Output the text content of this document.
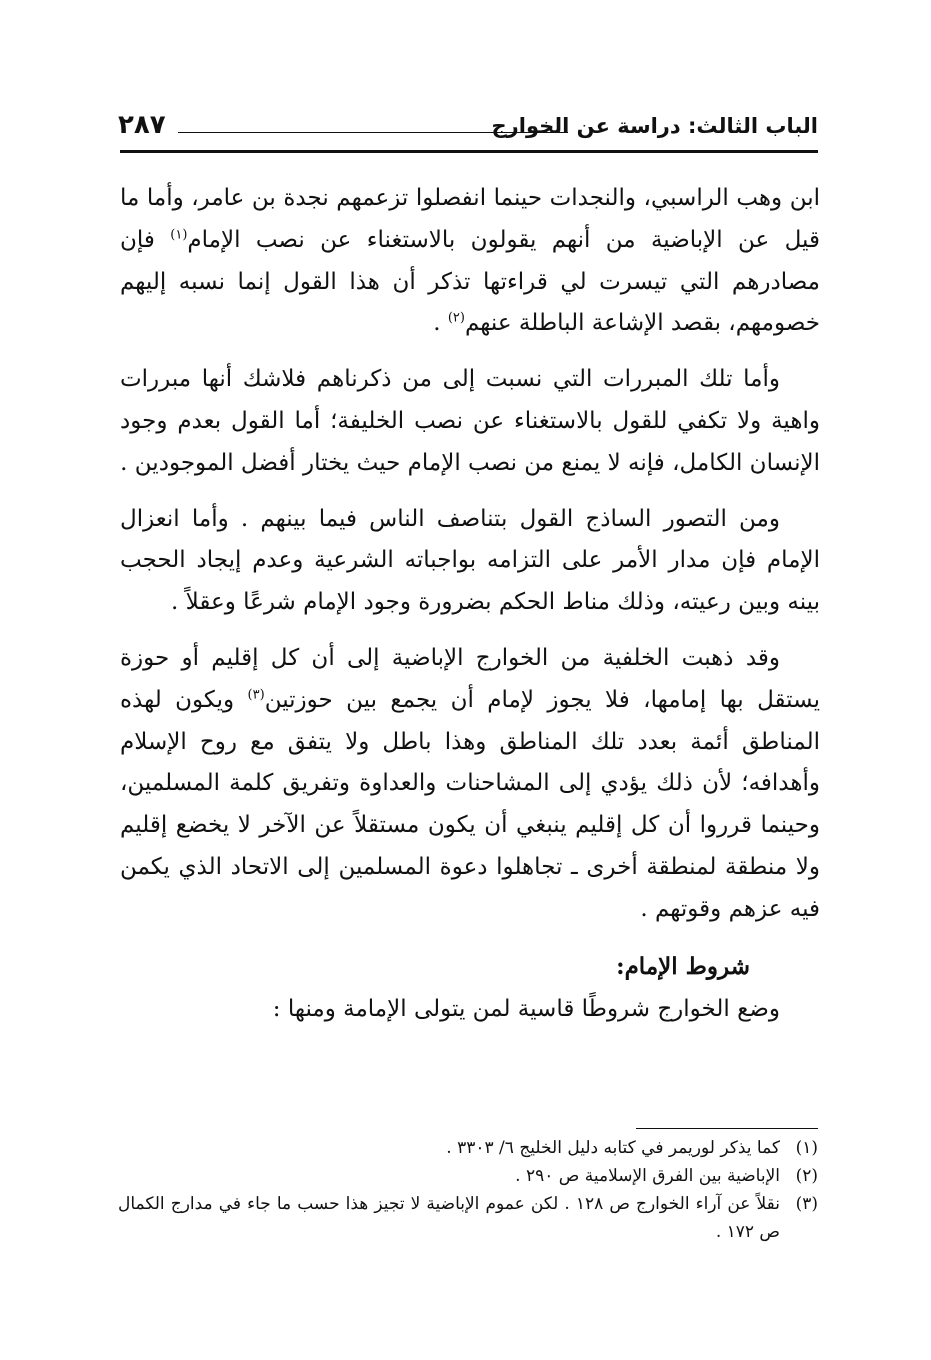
الباب الثالث: دراسة عن الخوارج
٢٨٧

ابن وهب الراسبي، والنجدات حينما انفصلوا تزعمهم نجدة بن عامر، وأما ما قيل عن الإباضية من أنهم يقولون بالاستغناء عن نصب الإمام$^{(١)}$ فإن مصادرهم التي تيسرت لي قراءتها تذكر أن هذا القول إنما نسبه إليهم خصومهم، بقصد الإشاعة الباطلة عنهم$^{(٢)}$ .

وأما تلك المبررات التي نسبت إلى من ذكرناهم فلاشك أنها مبررات واهية ولا تكفي للقول بالاستغناء عن نصب الخليفة؛ أما القول بعدم وجود الإنسان الكامل، فإنه لا يمنع من نصب الإمام حيث يختار أفضل الموجودين .

ومن التصور الساذج القول بتناصف الناس فيما بينهم . وأما انعزال الإمام فإن مدار الأمر على التزامه بواجباته الشرعية وعدم إيجاد الحجب بينه وبين رعيته، وذلك مناط الحكم بضرورة وجود الإمام شرعًا وعقلاً .

وقد ذهبت الخلفية من الخوارج الإباضية إلى أن كل إقليم أو حوزة يستقل بها إمامها، فلا يجوز لإمام أن يجمع بين حوزتين$^{(٣)}$ ويكون لهذه المناطق أئمة بعدد تلك المناطق وهذا باطل ولا يتفق مع روح الإسلام وأهدافه؛ لأن ذلك يؤدي إلى المشاحنات والعداوة وتفريق كلمة المسلمين، وحينما قرروا أن كل إقليم ينبغي أن يكون مستقلاً عن الآخر لا يخضع إقليم ولا منطقة لمنطقة أخرى ـ تجاهلوا دعوة المسلمين إلى الاتحاد الذي يكمن فيه عزهم وقوتهم .

شروط الإمام:

وضع الخوارج شروطًا قاسية لمن يتولى الإمامة ومنها :

(١)
كما يذكر لوريمر في كتابه دليل الخليج ٦/ ٣٣٠٣ .
(٢)
الإباضية بين الفرق الإسلامية ص ٢٩٠ .
(٣)
نقلاً عن آراء الخوارج ص ١٢٨ . لكن عموم الإباضية لا تجيز هذا حسب ما جاء في مدارج الكمال ص ١٧٢ .
